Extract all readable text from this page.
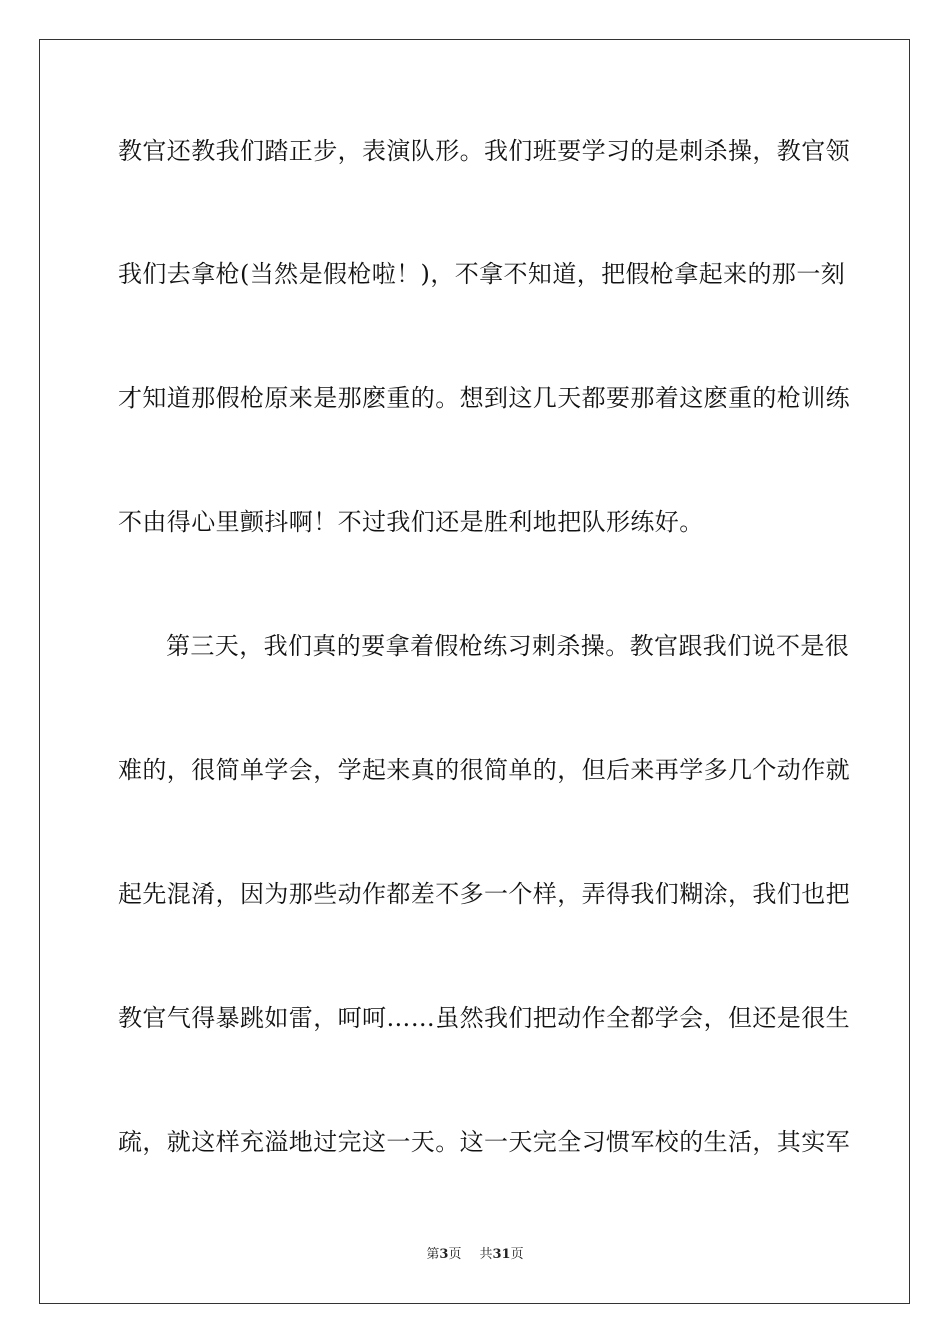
教官还教我们踏正步，表演队形。我们班要学习的是刺杀操，教官领
我们去拿枪(当然是假枪啦！)，不拿不知道，把假枪拿起来的那一刻
才知道那假枪原来是那麽重的。想到这几天都要那着这麽重的枪训练
不由得心里颤抖啊！不过我们还是胜利地把队形练好。
第三天，我们真的要拿着假枪练习刺杀操。教官跟我们说不是很
难的，很简单学会，学起来真的很简单的，但后来再学多几个动作就
起先混淆，因为那些动作都差不多一个样，弄得我们糊涂，我们也把
教官气得暴跳如雷，呵呵……虽然我们把动作全都学会，但还是很生
疏，就这样充溢地过完这一天。这一天完全习惯军校的生活，其实军
第3页 共31页
